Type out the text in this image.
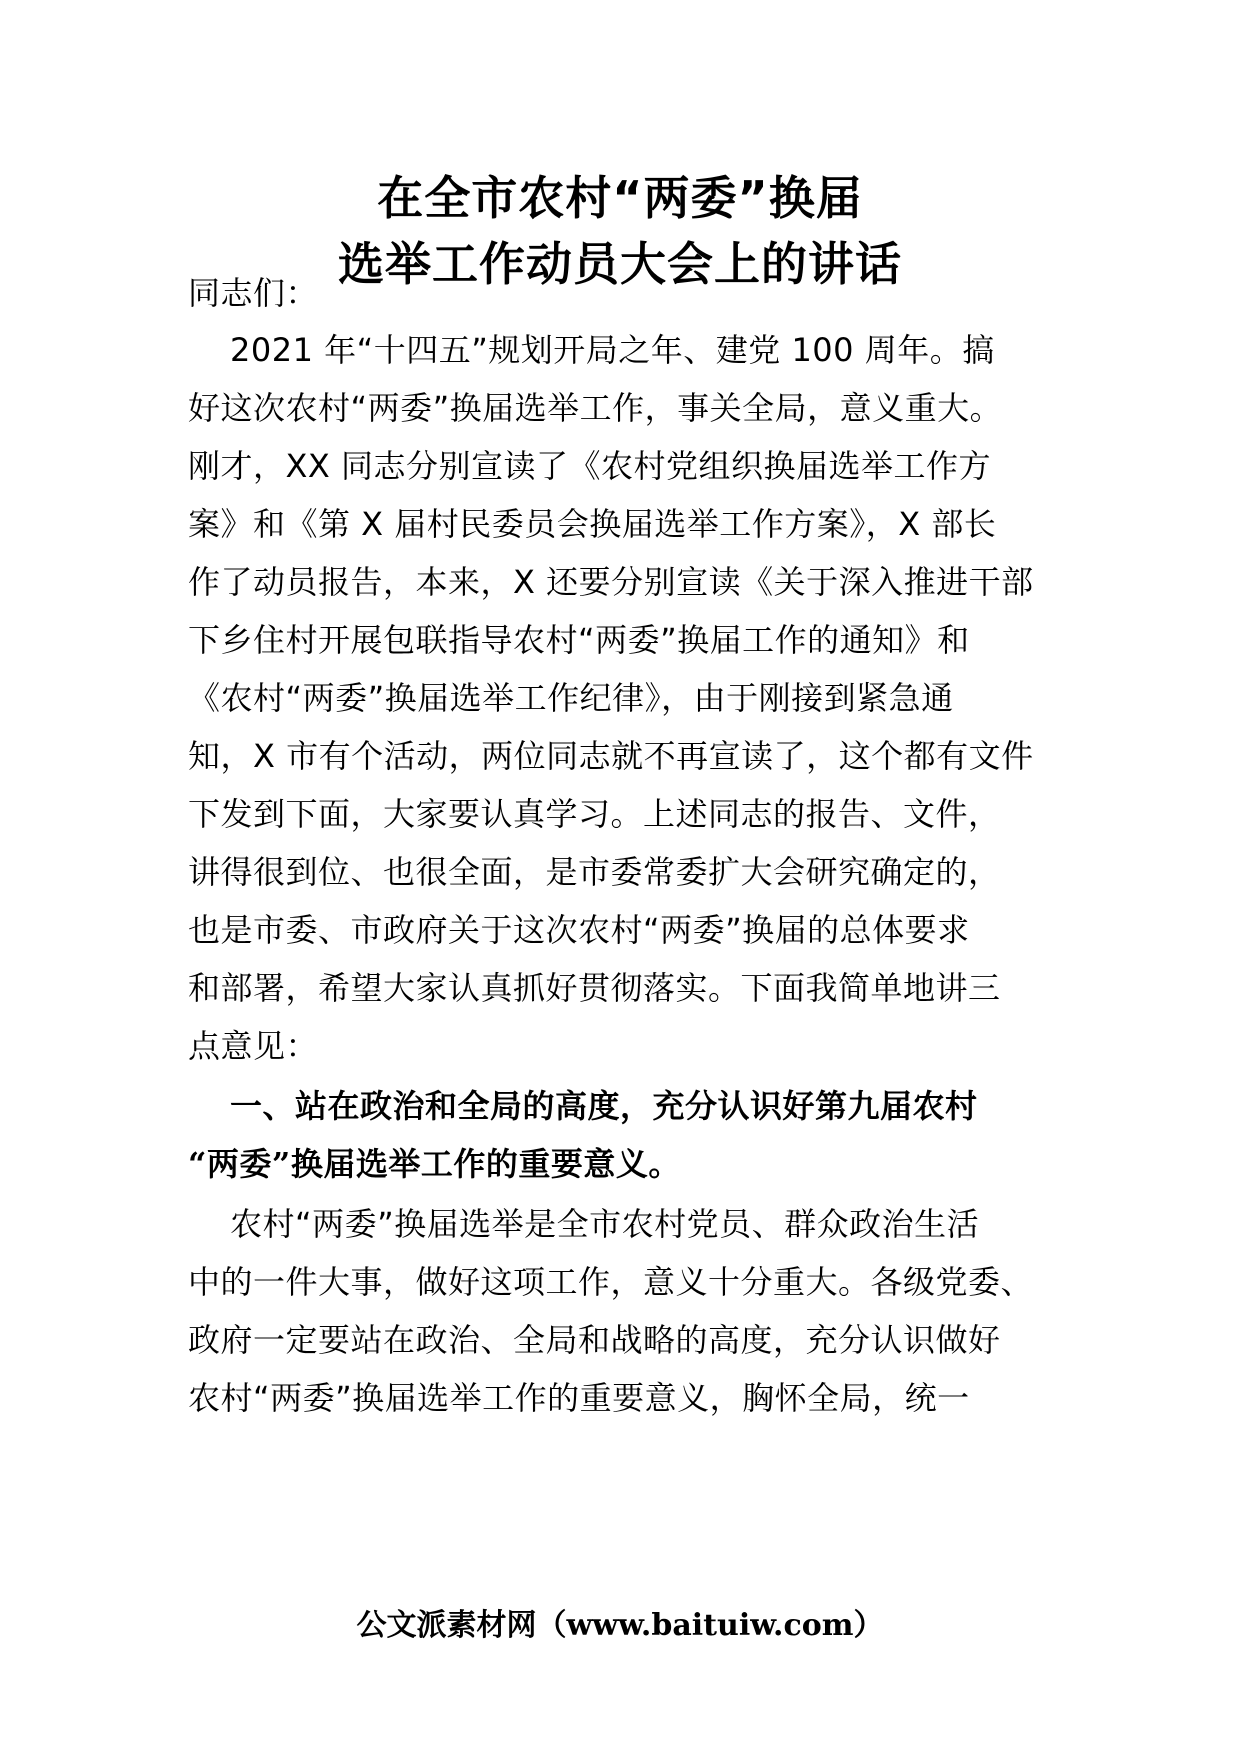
在全市农村“两委”换届
选举工作动员大会上的讲话
同志们：
2021 年“十四五”规划开局之年、建党 100 周年。搞
好这次农村“两委”换届选举工作，事关全局，意义重大。
刚才，XX 同志分别宣读了《农村党组织换届选举工作方
案》和《第 X 届村民委员会换届选举工作方案》，X 部长
作了动员报告，本来，X 还要分别宣读《关于深入推进干部
下乡住村开展包联指导农村“两委”换届工作的通知》和
《农村“两委”换届选举工作纪律》，由于刚接到紧急通
知，X 市有个活动，两位同志就不再宣读了，这个都有文件
下发到下面，大家要认真学习。上述同志的报告、文件，
讲得很到位、也很全面，是市委常委扩大会研究确定的，
也是市委、市政府关于这次农村“两委”换届的总体要求
和部署，希望大家认真抓好贯彻落实。下面我简单地讲三
点意见：
一、站在政治和全局的高度，充分认识好第九届农村
“两委”换届选举工作的重要意义。
农村“两委”换届选举是全市农村党员、群众政治生活
中的一件大事，做好这项工作，意义十分重大。各级党委、
政府一定要站在政治、全局和战略的高度，充分认识做好
农村“两委”换届选举工作的重要意义，胸怀全局，统一
公文派素材网（www.baituiw.com）
